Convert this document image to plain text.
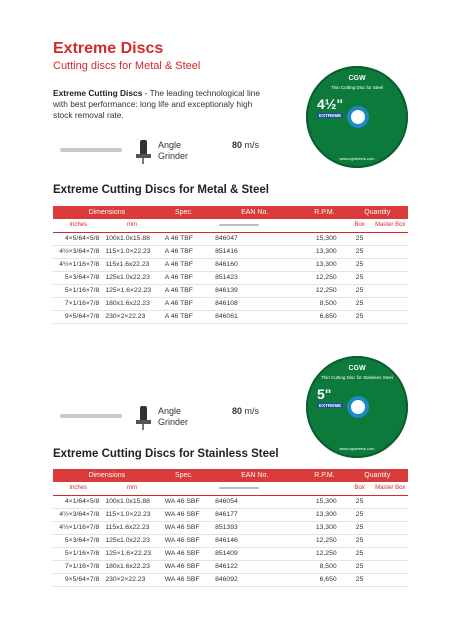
Extreme Discs
Cutting discs for Metal & Steel
Extreme Cutting Discs - The leading technological line with best performance: long life and exceptionaly high stock removal rate.
Angle Grinder
80 m/s
CGW
Thin Cutting Disc for Steel
4½"
EXTREME
www.cgwheels.com
Extreme Cutting Discs for Metal & Steel
Dimensions		Spec.	EAN No.		R.P.M.	Quantity	
Inches	mm					Box	Master Box
4×5/64×5/8	100x1.0x15.88	A 46 TBF	846047		15,300	25	
4½×3/64×7/8	115×1.0×22.23	A 46 TBF	851416		13,300	25	
4½×1/16×7/8	115x1.6x22.23	A 46 TBF	846160		13,300	25	
5×3/64×7/8	125x1.0x22.23	A 46 TBF	851423		12,250	25	
5×1/16×7/8	125×1.6×22.23	A 46 TBF	846139		12,250	25	
7×1/16×7/8	180x1.6x22.23	A 46 TBF	846108		8,500	25	
9×5/64×7/8	230×2×22.23	A 46 TBF	846061		6,650	25	
CGW
Thin Cutting Disc for Stainless Steel
5"
EXTREME
www.cgwheels.com
Angle Grinder
80 m/s
Extreme Cutting Discs for Stainless Steel
Dimensions		Spec.	EAN No.		R.P.M.	Quantity	
Inches	mm					Box	Master Box
4×1/64×5/8	100x1.0x15.88	WA 46 SBF	846054		15,300	25	
4½×3/64×7/8	115×1.0×22.23	WA 46 SBF	846177		13,300	25	
4½×1/16×7/8	115x1.6x22.23	WA 46 SBF	851393		13,300	25	
5×3/64×7/8	125x1.0x22.23	WA 46 SBF	846146		12,250	25	
5×1/16×7/8	125×1.6×22.23	WA 46 SBF	851409		12,250	25	
7×1/16×7/8	180x1.6x22.23	WA 46 SBF	846122		8,500	25	
9×5/64×7/8	230×2×22.23	WA 46 SBF	846092		6,650	25	
